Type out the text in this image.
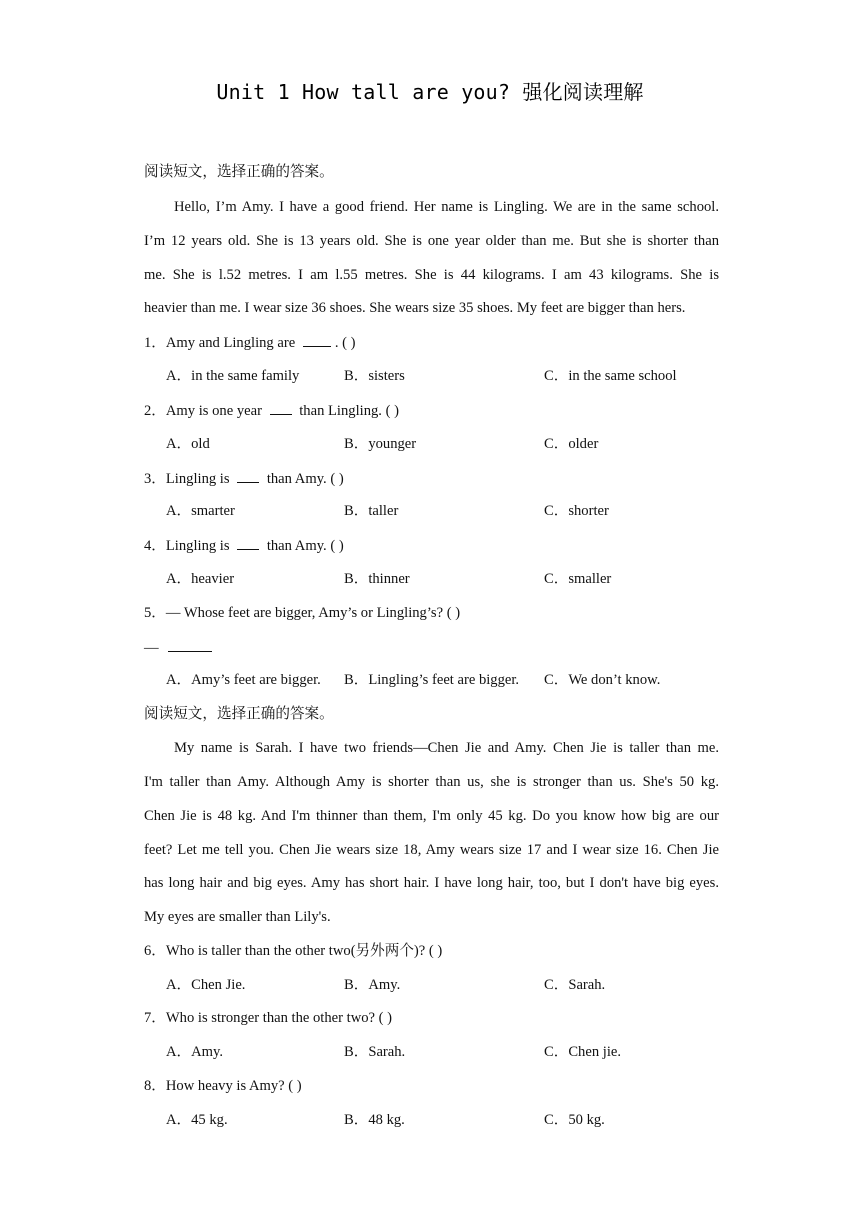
Unit 1 How tall are you? 强化阅读理解
阅读短文，选择正确的答案。
Hello, I’m Amy. I have a good friend. Her name is Lingling. We are in the same school.
I’m 12 years old. She is 13 years old. She is one year older than me. But she is shorter than
me. She is l.52 metres. I am l.55 metres. She is 44 kilograms. I am 43 kilograms. She is
heavier than me. I wear size 36 shoes. She wears size 35 shoes. My feet are bigger than hers.
1．Amy and Lingling are . ( )
A．in the same family	B．sisters	C．in the same school
2．Amy is one year  than Lingling. ( )
A．old	B．younger	C．older
3．Lingling is  than Amy. ( )
A．smarter	B．taller	C．shorter
4．Lingling is  than Amy. ( )
A．heavier	B．thinner	C．smaller
5．— Whose feet are bigger, Amy’s or Lingling’s? ( )
—
A．Amy’s feet are bigger. B．Lingling’s feet are bigger. C．We don’t know.
阅读短文，选择正确的答案。
My name is Sarah. I have two friends—Chen Jie and Amy. Chen Jie is taller than me.
I'm taller than Amy. Although Amy is shorter than us, she is stronger than us. She's 50 kg.
Chen Jie is 48 kg. And I'm thinner than them, I'm only 45 kg. Do you know how big are our
feet? Let me tell you. Chen Jie wears size 18, Amy wears size 17 and I wear size 16. Chen Jie
has long hair and big eyes. Amy has short hair. I have long hair, too, but I don't have big eyes.
My eyes are smaller than Lily's.
6．Who is taller than the other two(另外两个)? ( )
A．Chen Jie.	B．Amy.	C．Sarah.
7．Who is stronger than the other two? ( )
A．Amy.	B．Sarah.	C．Chen jie.
8．How heavy is Amy? ( )
A．45 kg.	B．48 kg.	C．50 kg.
